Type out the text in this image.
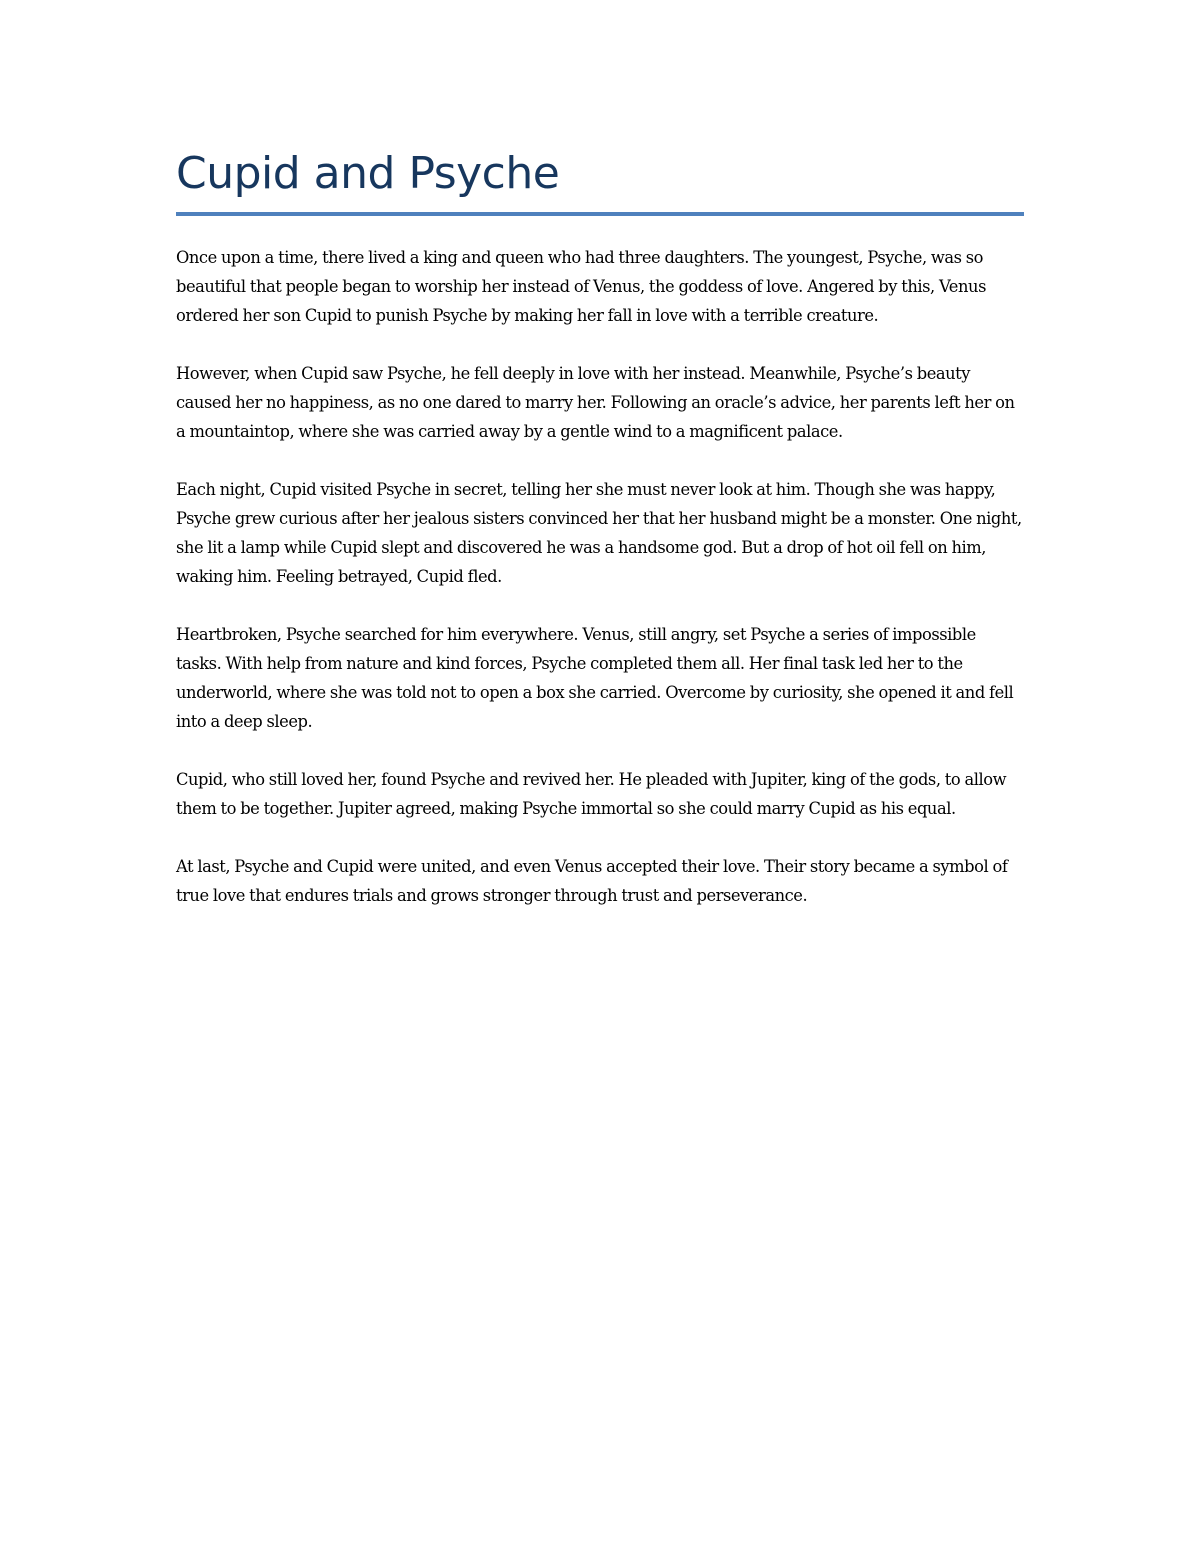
Cupid and Psyche

Once upon a time, there lived a king and queen who had three daughters. The youngest, Psyche, was so beautiful that people began to worship her instead of Venus, the goddess of love. Angered by this, Venus ordered her son Cupid to punish Psyche by making her fall in love with a terrible creature.

However, when Cupid saw Psyche, he fell deeply in love with her instead. Meanwhile, Psyche’s beauty caused her no happiness, as no one dared to marry her. Following an oracle’s advice, her parents left her on a mountaintop, where she was carried away by a gentle wind to a magnificent palace.

Each night, Cupid visited Psyche in secret, telling her she must never look at him. Though she was happy, Psyche grew curious after her jealous sisters convinced her that her husband might be a monster. One night, she lit a lamp while Cupid slept and discovered he was a handsome god. But a drop of hot oil fell on him, waking him. Feeling betrayed, Cupid fled.

Heartbroken, Psyche searched for him everywhere. Venus, still angry, set Psyche a series of impossible tasks. With help from nature and kind forces, Psyche completed them all. Her final task led her to the underworld, where she was told not to open a box she carried. Overcome by curiosity, she opened it and fell into a deep sleep.

Cupid, who still loved her, found Psyche and revived her. He pleaded with Jupiter, king of the gods, to allow them to be together. Jupiter agreed, making Psyche immortal so she could marry Cupid as his equal.

At last, Psyche and Cupid were united, and even Venus accepted their love. Their story became a symbol of true love that endures trials and grows stronger through trust and perseverance.
